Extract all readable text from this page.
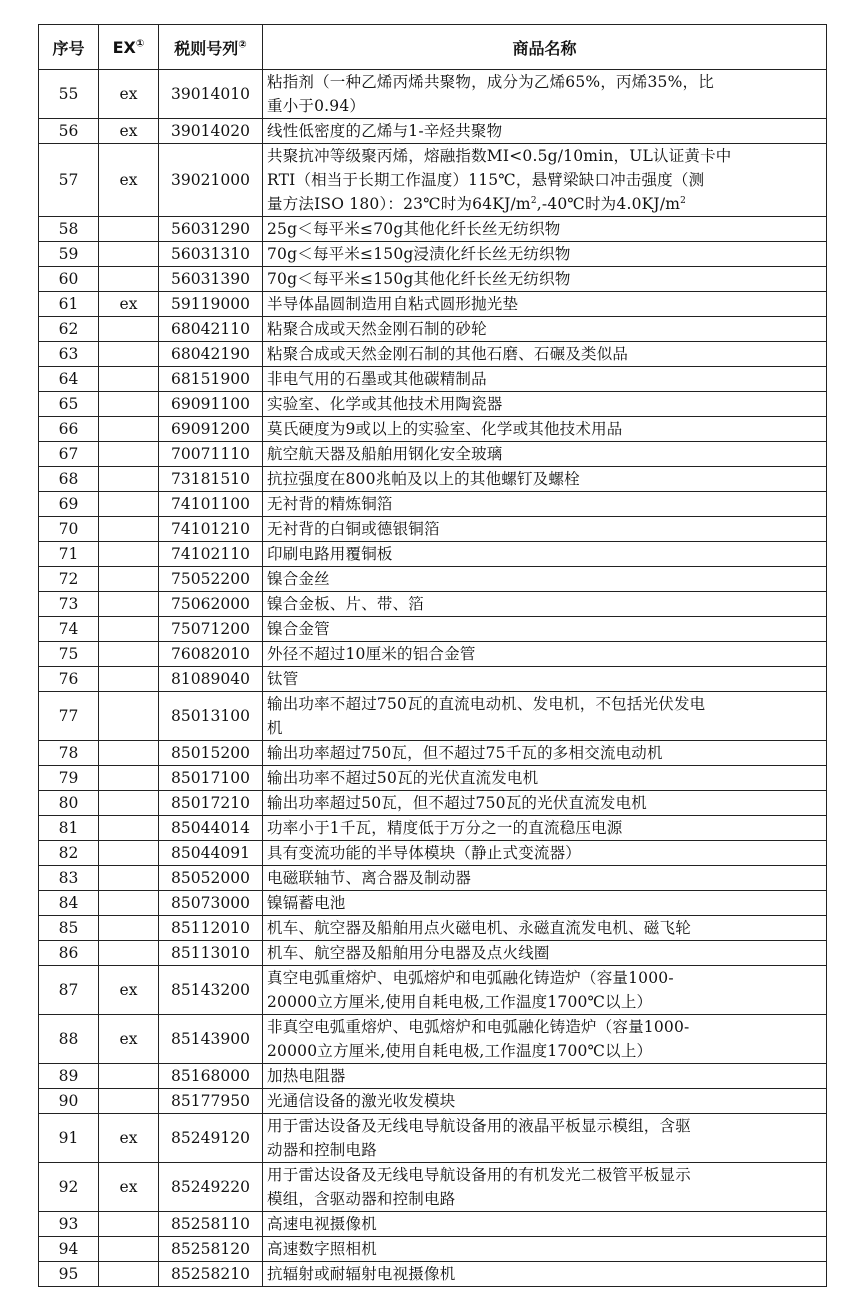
序号	EX①	税则号列②	商品名称
55	ex	39014010	粘指剂（一种乙烯丙烯共聚物，成分为乙烯65%，丙烯35%，比
重小于0.94）

56	ex	39014020	线性低密度的乙烯与1-辛烃共聚物

57	ex	39021000	共聚抗冲等级聚丙烯，熔融指数MI<0.5g/10min，UL认证黄卡中
RTI（相当于长期工作温度）115℃，悬臂梁缺口冲击强度（测
量方法ISO 180）：23℃时为$64KJ/m^2,-40℃$时为$4.0KJ/m^2$

58		56031290	25g＜每平米≤70g其他化纤长丝无纺织物

59		56031310	70g＜每平米≤150g浸渍化纤长丝无纺织物

60		56031390	70g＜每平米≤150g其他化纤长丝无纺织物

61	ex	59119000	半导体晶圆制造用自粘式圆形抛光垫

62		68042110	粘聚合成或天然金刚石制的砂轮

63		68042190	粘聚合成或天然金刚石制的其他石磨、石碾及类似品

64		68151900	非电气用的石墨或其他碳精制品

65		69091100	实验室、化学或其他技术用陶瓷器

66		69091200	莫氏硬度为9或以上的实验室、化学或其他技术用品

67		70071110	航空航天器及船舶用钢化安全玻璃

68		73181510	抗拉强度在800兆帕及以上的其他螺钉及螺栓

69		74101100	无衬背的精炼铜箔

70		74101210	无衬背的白铜或德银铜箔

71		74102110	印刷电路用覆铜板

72		75052200	镍合金丝

73		75062000	镍合金板、片、带、箔

74		75071200	镍合金管

75		76082010	外径不超过10厘米的铝合金管

76		81089040	钛管

77		85013100	输出功率不超过750瓦的直流电动机、发电机，不包括光伏发电
机

78		85015200	输出功率超过750瓦，但不超过75千瓦的多相交流电动机

79		85017100	输出功率不超过50瓦的光伏直流发电机

80		85017210	输出功率超过50瓦，但不超过750瓦的光伏直流发电机

81		85044014	功率小于1千瓦，精度低于万分之一的直流稳压电源

82		85044091	具有变流功能的半导体模块（静止式变流器）

83		85052000	电磁联轴节、离合器及制动器

84		85073000	镍镉蓄电池

85		85112010	机车、航空器及船舶用点火磁电机、永磁直流发电机、磁飞轮

86		85113010	机车、航空器及船舶用分电器及点火线圈

87	ex	85143200	真空电弧重熔炉、电弧熔炉和电弧融化铸造炉（容量1000-
20000立方厘米,使用自耗电极,工作温度1700℃以上）

88	ex	85143900	非真空电弧重熔炉、电弧熔炉和电弧融化铸造炉（容量1000-
20000立方厘米,使用自耗电极,工作温度1700℃以上）

89		85168000	加热电阻器

90		85177950	光通信设备的激光收发模块

91	ex	85249120	用于雷达设备及无线电导航设备用的液晶平板显示模组，含驱
动器和控制电路

92	ex	85249220	用于雷达设备及无线电导航设备用的有机发光二极管平板显示
模组，含驱动器和控制电路

93		85258110	高速电视摄像机

94		85258120	高速数字照相机

95		85258210	抗辐射或耐辐射电视摄像机
